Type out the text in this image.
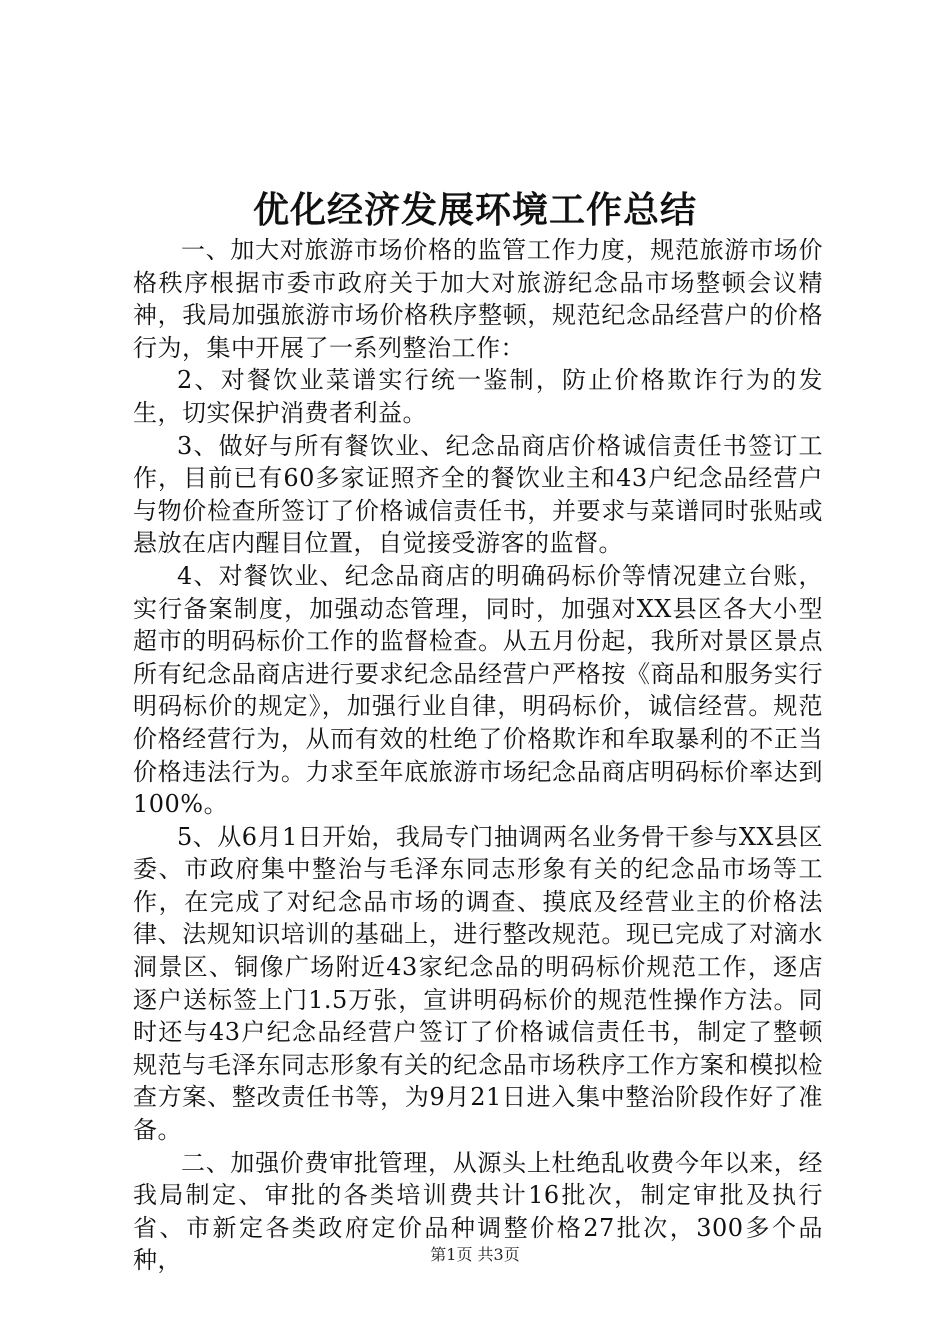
优化经济发展环境工作总结

一、加大对旅游市场价格的监管工作力度，规范旅游市场价格秩序根据市委市政府关于加大对旅游纪念品市场整顿会议精神，我局加强旅游市场价格秩序整顿，规范纪念品经营户的价格行为，集中开展了一系列整治工作：

2、对餐饮业菜谱实行统一鉴制，防止价格欺诈行为的发生，切实保护消费者利益。

3、做好与所有餐饮业、纪念品商店价格诚信责任书签订工作，目前已有60多家证照齐全的餐饮业主和43户纪念品经营户与物价检查所签订了价格诚信责任书，并要求与菜谱同时张贴或悬放在店内醒目位置，自觉接受游客的监督。

4、对餐饮业、纪念品商店的明确码标价等情况建立台账，实行备案制度，加强动态管理，同时，加强对XX县区各大小型超市的明码标价工作的监督检查。从五月份起，我所对景区景点所有纪念品商店进行要求纪念品经营户严格按《商品和服务实行明码标价的规定》，加强行业自律，明码标价，诚信经营。规范价格经营行为，从而有效的杜绝了价格欺诈和牟取暴利的不正当价格违法行为。力求至年底旅游市场纪念品商店明码标价率达到100%。

5、从6月1日开始，我局专门抽调两名业务骨干参与XX县区委、市政府集中整治与毛泽东同志形象有关的纪念品市场等工作，在完成了对纪念品市场的调查、摸底及经营业主的价格法律、法规知识培训的基础上，进行整改规范。现已完成了对滴水洞景区、铜像广场附近43家纪念品的明码标价规范工作，逐店逐户送标签上门1.5万张，宣讲明码标价的规范性操作方法。同时还与43户纪念品经营户签订了价格诚信责任书，制定了整顿规范与毛泽东同志形象有关的纪念品市场秩序工作方案和模拟检查方案、整改责任书等，为9月21日进入集中整治阶段作好了准备。

二、加强价费审批管理，从源头上杜绝乱收费今年以来，经我局制定、审批的各类培训费共计16批次，制定审批及执行省、市新定各类政府定价品种调整价格27批次，300多个品种，	第1页 共3页
